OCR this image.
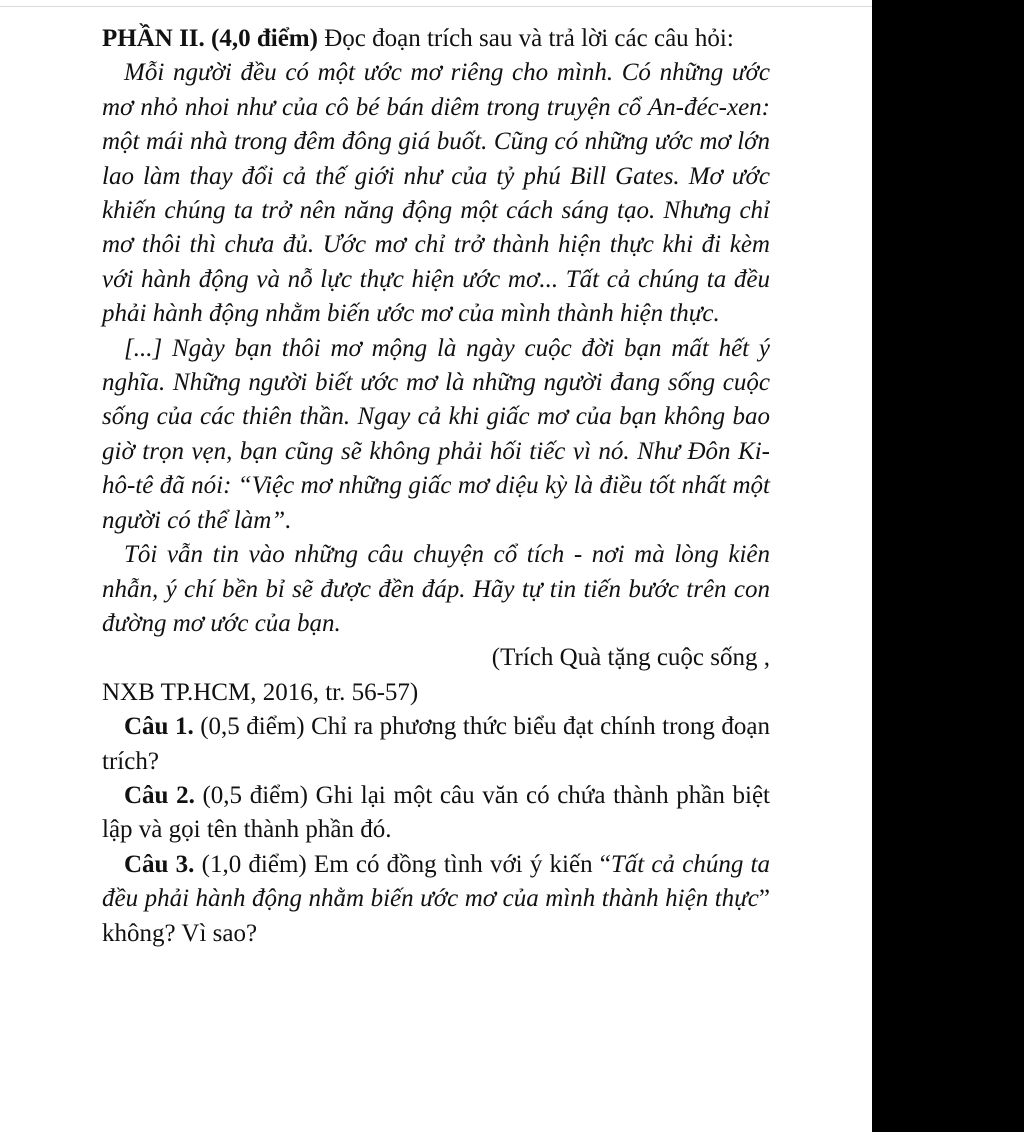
PHẦN II. (4,0 điểm) Đọc đoạn trích sau và trả lời các câu hỏi:

Mỗi người đều có một ước mơ riêng cho mình. Có những ước mơ nhỏ nhoi như của cô bé bán diêm trong truyện cổ An-đéc-xen: một mái nhà trong đêm đông giá buốt. Cũng có những ước mơ lớn lao làm thay đổi cả thế giới như của tỷ phú Bill Gates. Mơ ước khiến chúng ta trở nên năng động một cách sáng tạo. Nhưng chỉ mơ thôi thì chưa đủ. Ước mơ chỉ trở thành hiện thực khi đi kèm với hành động và nỗ lực thực hiện ước mơ... Tất cả chúng ta đều phải hành động nhằm biến ước mơ của mình thành hiện thực.

[...] Ngày bạn thôi mơ mộng là ngày cuộc đời bạn mất hết ý nghĩa. Những người biết ước mơ là những người đang sống cuộc sống của các thiên thần. Ngay cả khi giấc mơ của bạn không bao giờ trọn vẹn, bạn cũng sẽ không phải hối tiếc vì nó. Như Đôn Ki-hô-tê đã nói: “Việc mơ những giấc mơ diệu kỳ là điều tốt nhất một người có thể làm”.

Tôi vẫn tin vào những câu chuyện cổ tích - nơi mà lòng kiên nhẫn, ý chí bền bỉ sẽ được đền đáp. Hãy tự tin tiến bước trên con đường mơ ước của bạn.

(Trích Quà tặng cuộc sống ,

NXB TP.HCM, 2016, tr. 56-57)

Câu 1. (0,5 điểm) Chỉ ra phương thức biểu đạt chính trong đoạn trích?

Câu 2. (0,5 điểm) Ghi lại một câu văn có chứa thành phần biệt lập và gọi tên thành phần đó.

Câu 3. (1,0 điểm) Em có đồng tình với ý kiến “Tất cả chúng ta đều phải hành động nhằm biến ước mơ của mình thành hiện thực” không? Vì sao?
